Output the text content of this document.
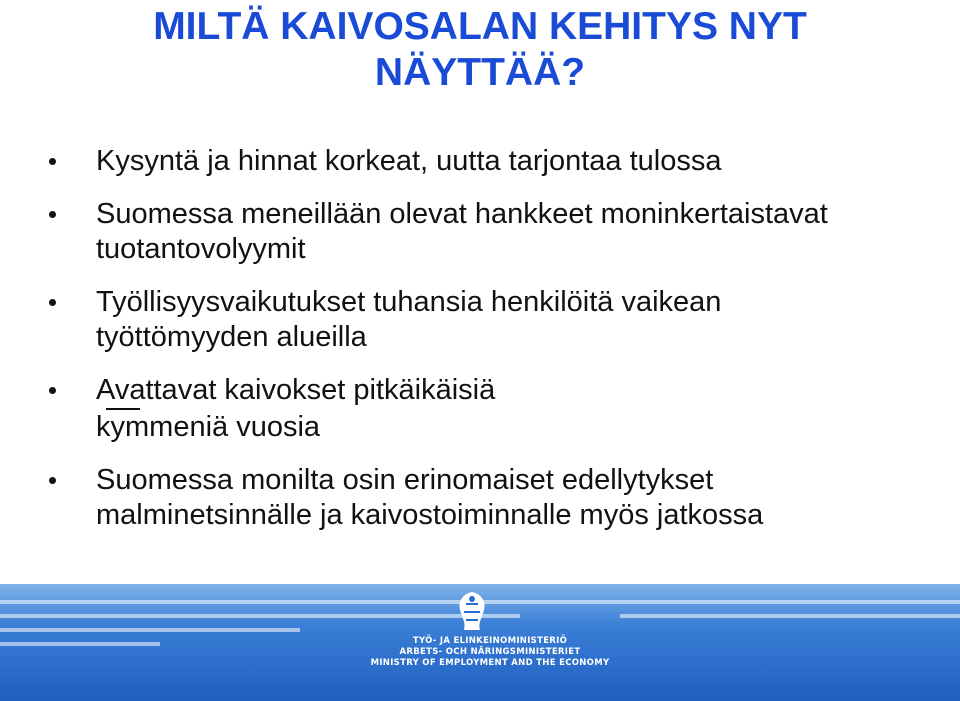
MILTÄ KAIVOSALAN KEHITYS NYT
NÄYTTÄÄ?
Kysyntä ja hinnat korkeat, uutta tarjontaa tulossa
Suomessa meneillään olevat hankkeet moninkertaistavat
tuotantovolyymit
Työllisyysvaikutukset tuhansia henkilöitä vaikean
työttömyyden alueilla
Avattavat kaivokset pitkäikäisiä
kymmeniä vuosia
Suomessa monilta osin erinomaiset edellytykset
malminetsinnälle ja kaivostoiminnalle myös jatkossa
TYÖ- JA ELINKEINOMINISTERIÖ
ARBETS- OCH NÄRINGSMINISTERIET
MINISTRY OF EMPLOYMENT AND THE ECONOMY
